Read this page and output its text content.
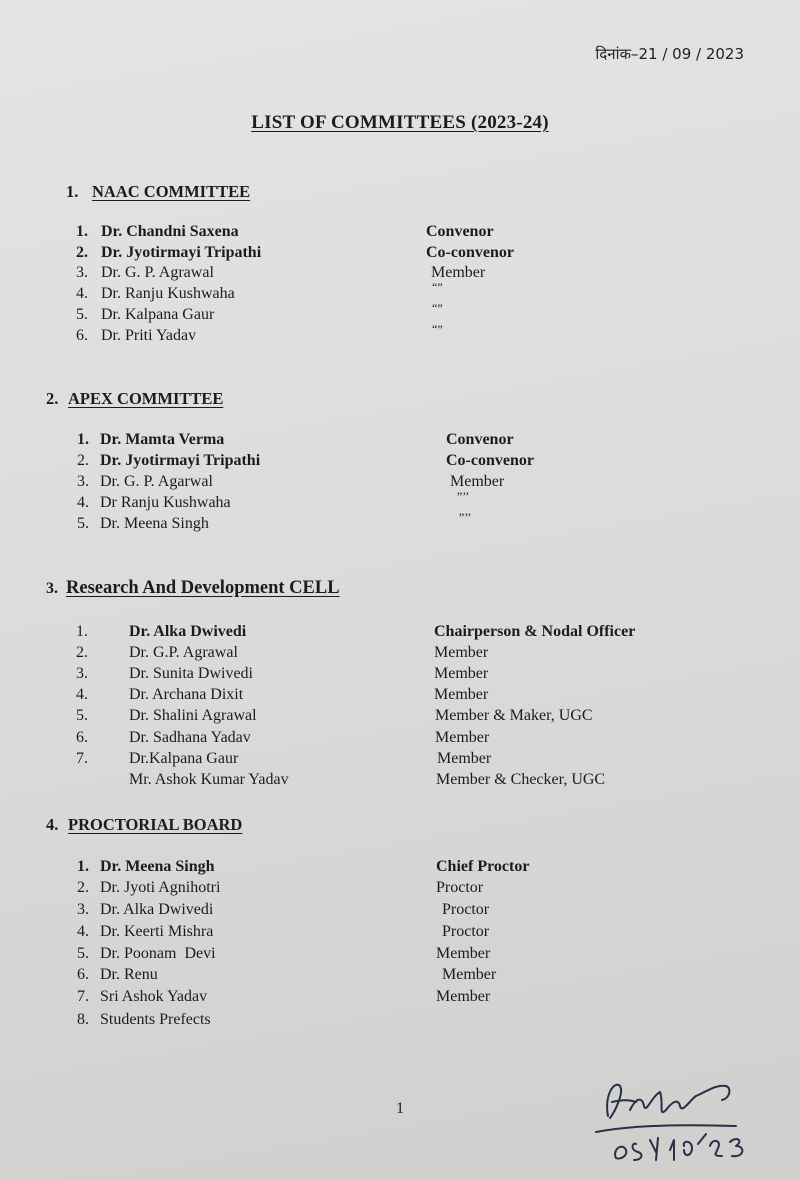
दिनांक–21 / 09 / 2023
LIST OF COMMITTEES (2023-24)
1. NAAC COMMITTEE
1. Dr. Chandni Saxena	Convenor
2. Dr. Jyotirmayi Tripathi	Co-convenor
3. Dr. G. P. Agrawal	Member
4. Dr. Ranju Kushwaha	“”
5. Dr. Kalpana Gaur	“”
6. Dr. Priti Yadav	“”
2. APEX COMMITTEE
1. Dr. Mamta Verma	Convenor
2. Dr. Jyotirmayi Tripathi	Co-convenor
3. Dr. G. P. Agarwal	Member
4. Dr Ranju Kushwaha	”’’
5. Dr. Meena Singh	”’’
3. Research And Development CELL
1.	Dr. Alka Dwivedi	Chairperson & Nodal Officer
2.	Dr. G.P. Agrawal	Member
3.	Dr. Sunita Dwivedi	Member
4.	Dr. Archana Dixit	Member
5.	Dr. Shalini Agrawal	Member & Maker, UGC
6.	Dr. Sadhana Yadav	Member
7.	Dr.Kalpana Gaur	Member
Mr. Ashok Kumar Yadav	Member & Checker, UGC
4. PROCTORIAL BOARD
1. Dr. Meena Singh	Chief Proctor
2. Dr. Jyoti Agnihotri	Proctor
3. Dr. Alka Dwivedi	Proctor
4. Dr. Keerti Mishra	Proctor
5. Dr. Poonam  Devi	Member
6. Dr. Renu	Member
7. Sri Ashok Yadav	Member
8. Students Prefects
1
